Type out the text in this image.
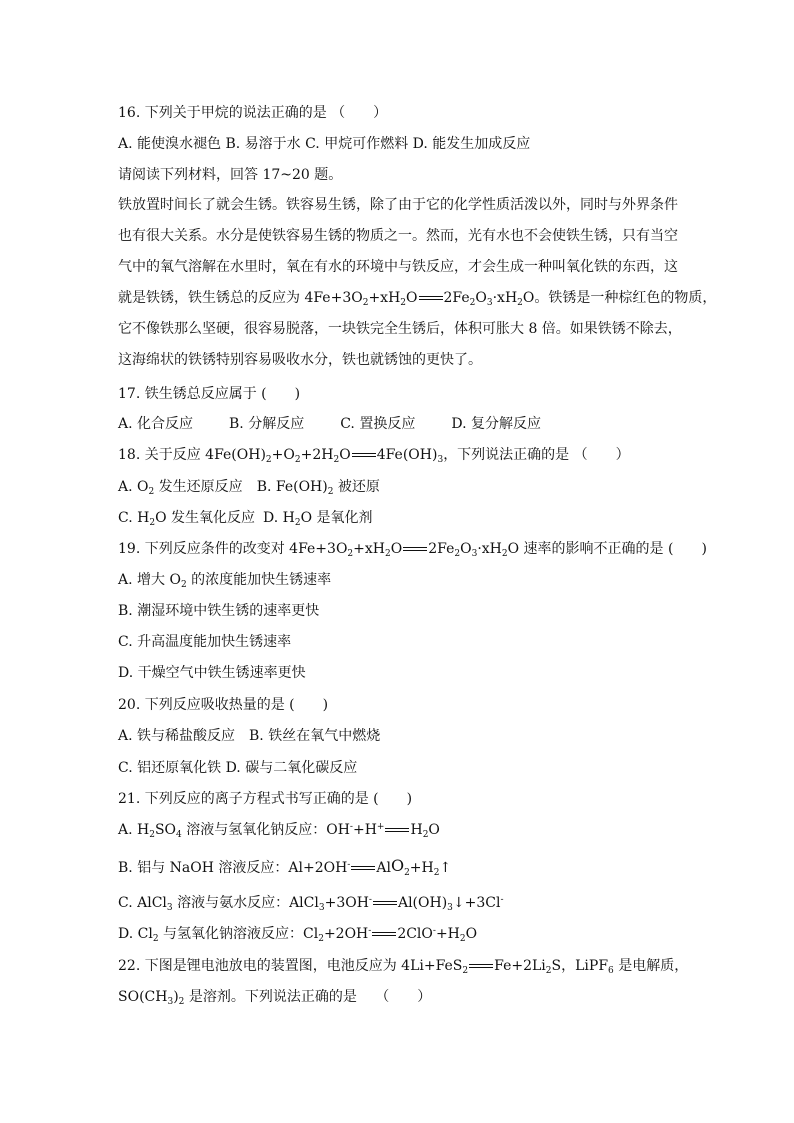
16. 下列关于甲烷的说法正确的是 （　　）
A. 能使溴水褪色 B. 易溶于水 C. 甲烷可作燃料 D. 能发生加成反应
请阅读下列材料，回答 17~20 题。
铁放置时间长了就会生锈。铁容易生锈，除了由于它的化学性质活泼以外，同时与外界条件
也有很大关系。水分是使铁容易生锈的物质之一。然而，光有水也不会使铁生锈，只有当空
气中的氧气溶解在水里时，氧在有水的环境中与铁反应，才会生成一种叫氧化铁的东西，这
就是铁锈，铁生锈总的反应为 $4Fe+3O_2+xH_2O$ $2Fe_2O_3\cdot xH_2O$。铁锈是一种棕红色的物质，
它不像铁那么坚硬，很容易脱落，一块铁完全生锈后，体积可胀大 8 倍。如果铁锈不除去，
这海绵状的铁锈特别容易吸收水分，铁也就锈蚀的更快了。
17. 铁生锈总反应属于 (　　)
A. 化合反应	B. 分解反应	C. 置换反应	D. 复分解反应
18. 关于反应 $4Fe(OH)_2+O_2+2H_2O$ $4Fe(OH)_3$，下列说法正确的是 （　　）
A. $O_2$ 发生还原反应 B. $Fe(OH)_2$ 被还原
C. $H_2O$ 发生氧化反应 D. $H_2O$ 是氧化剂
19. 下列反应条件的改变对 $4Fe+3O_2+xH_2O$ $2Fe_2O_3\cdot xH_2O$ 速率的影响不正确的是 (　　)
A. 增大 $O_2$ 的浓度能加快生锈速率
B. 潮湿环境中铁生锈的速率更快
C. 升高温度能加快生锈速率
D. 干燥空气中铁生锈速率更快
20. 下列反应吸收热量的是 (　　)
A. 铁与稀盐酸反应　B. 铁丝在氧气中燃烧
C. 铝还原氧化铁 D. 碳与二氧化碳反应
21. 下列反应的离子方程式书写正确的是 (　　)
A. $H_2SO_4$ 溶液与氢氧化钠反应：OH-+H+ $H_2O$
B. 铝与 NaOH 溶液反应：Al+2OH- $AlO_2+H_2↑$
C. AlCl$_3$ 溶液与氨水反应：AlCl$_3$+3OH- $Al(OH)_3↓+3Cl^-$
D. $Cl_2$ 与氢氧化钠溶液反应：$Cl_2+2OH^-$ $2ClO^-+H_2O$
22. 下图是锂电池放电的装置图，电池反应为 4Li+FeS$_2$ $Fe+2Li_2S$，LiPF$_6$ 是电解质，
$SO(CH_3)_2$ 是溶剂。下列说法正确的是　 （　　）
